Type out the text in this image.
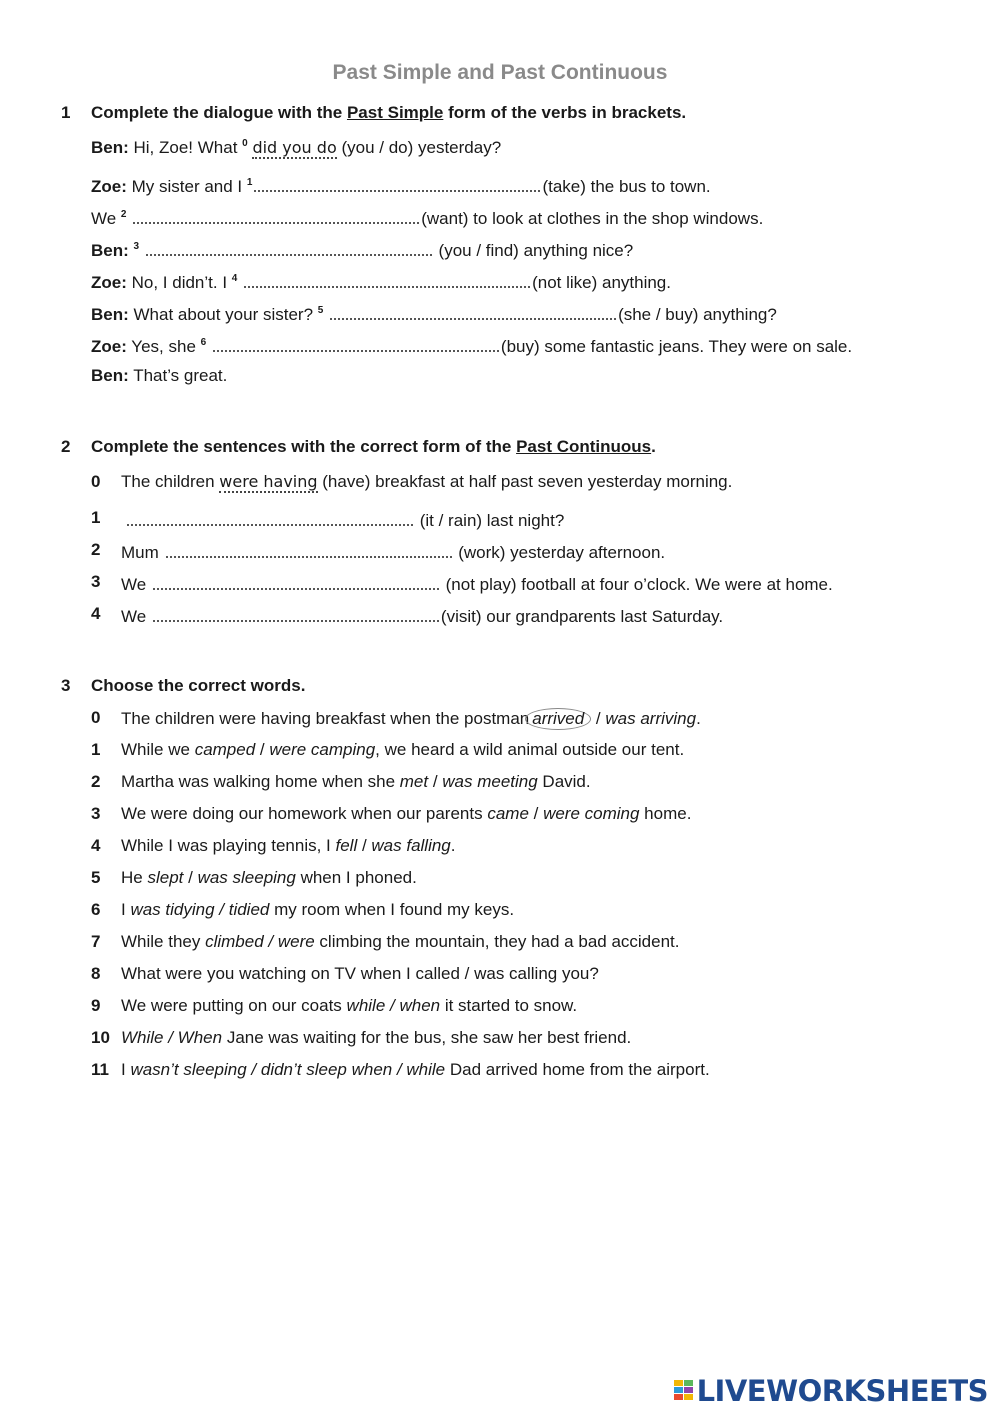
Past Simple and Past Continuous
1	Complete the dialogue with the Past Simple form of the verbs in brackets.
Ben: Hi, Zoe! What $^0$ did you do (you / do) yesterday?
Zoe: My sister and I $^1$	(take) the bus to town.
We $^2$	(want) to look at clothes in the shop windows.
Ben: $^3$	(you / find) anything nice?
Zoe: No, I didn’t. I $^4$	(not like) anything.
Ben: What about your sister? $^5$	(she / buy) anything?
Zoe: Yes, she $^6$	(buy) some fantastic jeans. They were on sale.
Ben: That’s great.
2	Complete the sentences with the correct form of the Past Continuous.
0 The children were having (have) breakfast at half past seven yesterday morning.
1	(it / rain) last night?
2 Mum	(work) yesterday afternoon.
3 We	(not play) football at four o’clock. We were at home.
4 We	(visit) our grandparents last Saturday.
3	Choose the correct words.
0 The children were having breakfast when the postman arrived / was arriving.
1 While we camped / were camping, we heard a wild animal outside our tent.
2 Martha was walking home when she met / was meeting David.
3 We were doing our homework when our parents came / were coming home.
4 While I was playing tennis, I fell / was falling.
5 He slept / was sleeping when I phoned.
6 I was tidying / tidied my room when I found my keys.
7 While they climbed / were climbing the mountain, they had a bad accident.
8 What were you watching on TV when I called / was calling you?
9 We were putting on our coats while / when it started to snow.
10 While / When Jane was waiting for the bus, she saw her best friend.
11 I wasn’t sleeping / didn’t sleep when / while Dad arrived home from the airport.
LIVEWORKSHEETS
